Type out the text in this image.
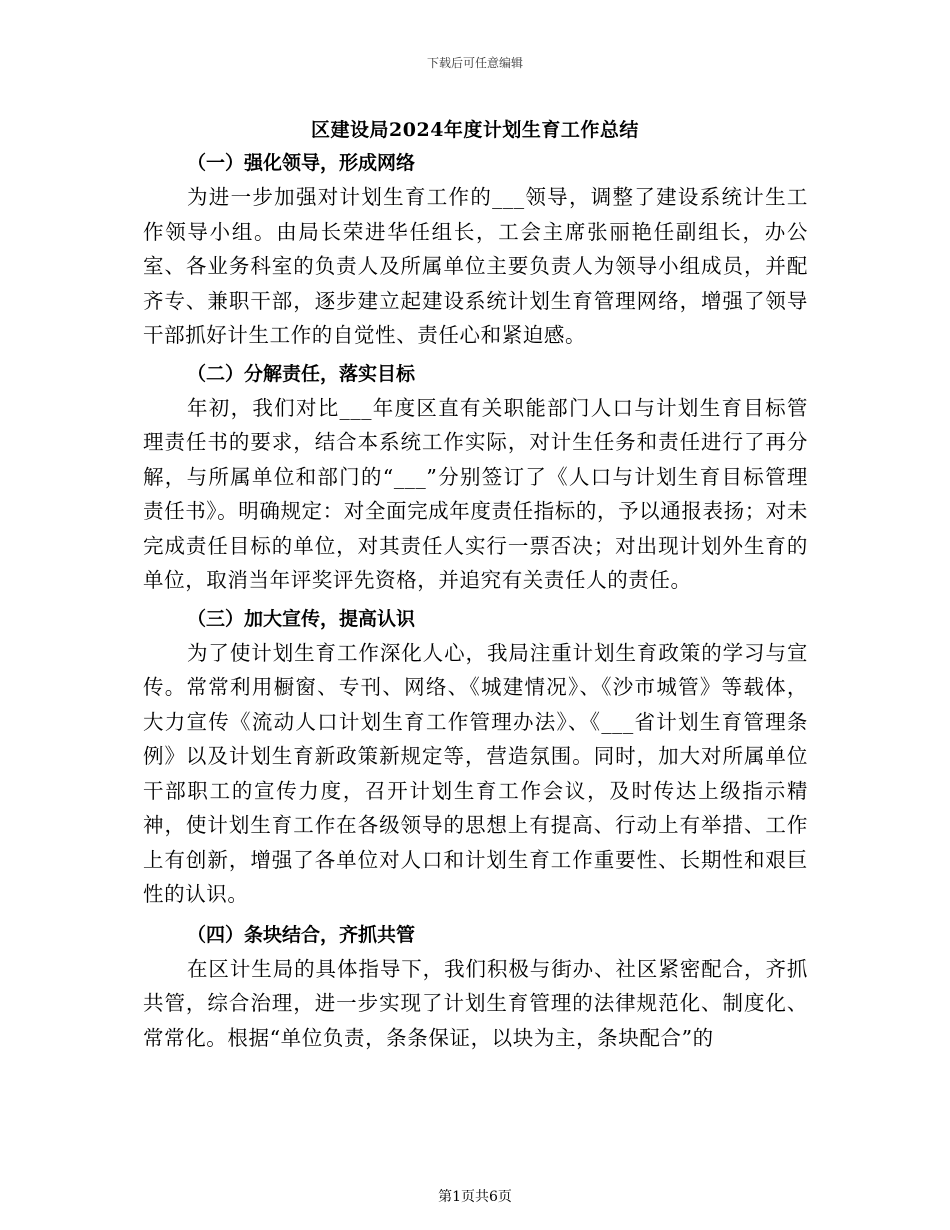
下载后可任意编辑
区建设局2024年度计划生育工作总结

（一）强化领导，形成网络

为进一步加强对计划生育工作的___领导，调整了建设系统计生工作领导小组。由局长荣进华任组长，工会主席张丽艳任副组长，办公室、各业务科室的负责人及所属单位主要负责人为领导小组成员，并配齐专、兼职干部，逐步建立起建设系统计划生育管理网络，增强了领导干部抓好计生工作的自觉性、责任心和紧迫感。

（二）分解责任，落实目标

年初，我们对比___年度区直有关职能部门人口与计划生育目标管理责任书的要求，结合本系统工作实际，对计生任务和责任进行了再分解，与所属单位和部门的“___”分别签订了《人口与计划生育目标管理责任书》。明确规定：对全面完成年度责任指标的，予以通报表扬；对未完成责任目标的单位，对其责任人实行一票否决；对出现计划外生育的单位，取消当年评奖评先资格，并追究有关责任人的责任。

（三）加大宣传，提高认识

为了使计划生育工作深化人心，我局注重计划生育政策的学习与宣传。常常利用橱窗、专刊、网络、《城建情况》、《沙市城管》等载体，大力宣传《流动人口计划生育工作管理办法》、《___省计划生育管理条例》以及计划生育新政策新规定等，营造氛围。同时，加大对所属单位干部职工的宣传力度，召开计划生育工作会议，及时传达上级指示精神，使计划生育工作在各级领导的思想上有提高、行动上有举措、工作上有创新，增强了各单位对人口和计划生育工作重要性、长期性和艰巨性的认识。

（四）条块结合，齐抓共管

在区计生局的具体指导下，我们积极与街办、社区紧密配合，齐抓共管，综合治理，进一步实现了计划生育管理的法律规范化、制度化、常常化。根据“单位负责，条条保证，以块为主，条块配合”的

第1页共6页
